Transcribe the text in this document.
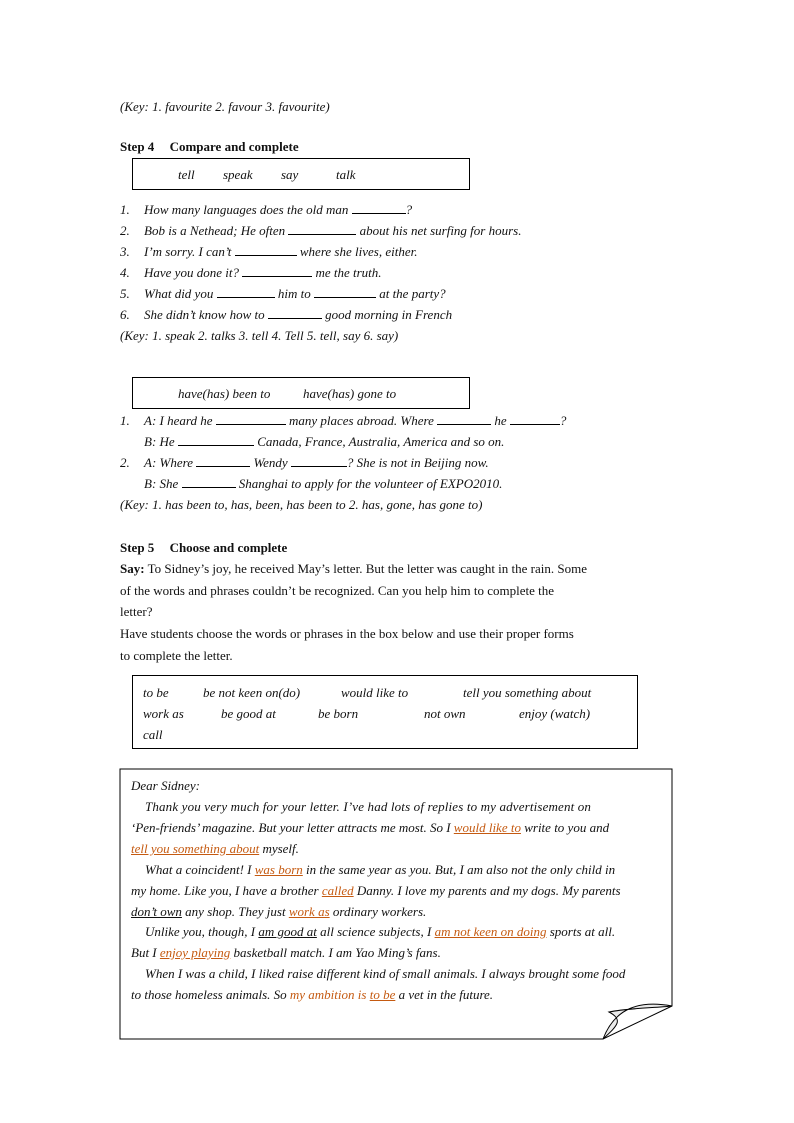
(Key: 1. favourite 2. favour 3. favourite)
Step 4 Compare and complete
tell speak say	talk
1. How many languages does the old man	?
2. Bob is a Nethead; He often	about his net surfing for hours.
3. I’m sorry. I can’t	where she lives, either.
4. Have you done it?	me the truth.
5. What did you	him to	at the party?
6. She didn’t know how to	good morning in French
(Key: 1. speak 2. talks 3. tell 4. Tell 5. tell, say 6. say)
have(has) been to	have(has) gone to
1. A: I heard he	many places abroad. Where	he	?
B: He	Canada, France, Australia, America and so on.
2. A: Where	Wendy	? She is not in Beijing now.
B: She	Shanghai to apply for the volunteer of EXPO2010.
(Key: 1. has been to, has, been, has been to 2. has, gone, has gone to)
Step 5 Choose and complete
Say: To Sidney’s joy, he received May’s letter. But the letter was caught in the rain. Some
of the words and phrases couldn’t be recognized. Can you help him to complete the
letter?
Have students choose the words or phrases in the box below and use their proper forms
to complete the letter.
to be	be not keen on(do)	would like to	tell you something about
work as	be good at	be born	not own	enjoy (watch)
call
Dear Sidney:
Thank you very much for your letter. I’ve had lots of replies to my advertisement on
‘Pen-friends’ magazine. But your letter attracts me most. So I would like to write to you and
tell you something about myself.
What a coincident! I was born in the same year as you. But, I am also not the only child in
my home. Like you, I have a brother called Danny. I love my parents and my dogs. My parents
don’t own any shop. They just work as ordinary workers.
Unlike you, though, I am good at all science subjects, I am not keen on doing sports at all.
But I enjoy playing basketball match. I am Yao Ming’s fans.
When I was a child, I liked raise different kind of small animals. I always brought some food
to those homeless animals. So my ambition is to be a vet in the future.
